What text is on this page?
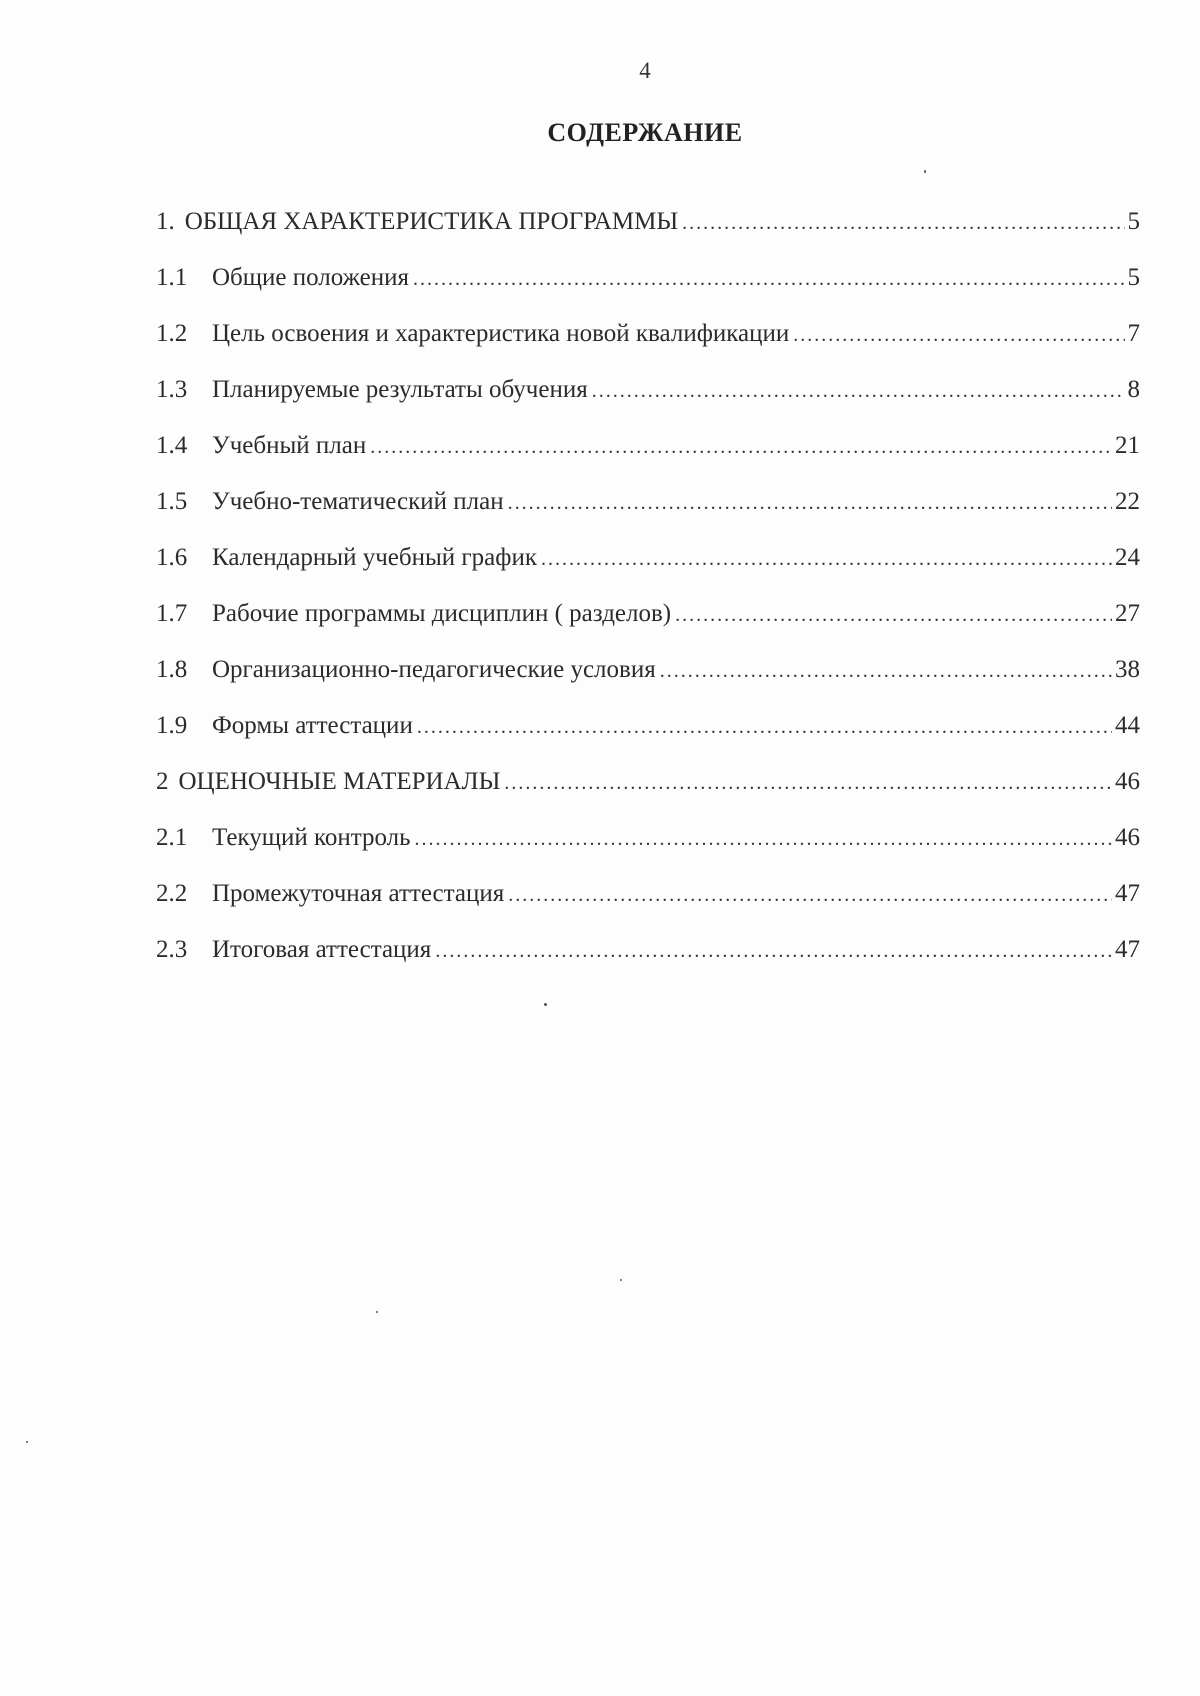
4
СОДЕРЖАНИЕ
1. ОБЩАЯ ХАРАКТЕРИСТИКА ПРОГРАММЫ .....	5
1.1 Общие положения .....	5
1.2 Цель освоения и характеристика новой квалификации .....	7
1.3 Планируемые результаты обучения .....	8
1.4 Учебный план .....	21
1.5 Учебно-тематический план .....	22
1.6 Календарный учебный график .....	24
1.7 Рабочие программы дисциплин ( разделов) .....	27
1.8 Организационно-педагогические условия .....	38
1.9 Формы аттестации .....	44
2 ОЦЕНОЧНЫЕ МАТЕРИАЛЫ .....	46
2.1 Текущий контроль .....	46
2.2 Промежуточная аттестация .....	47
2.3 Итоговая аттестация .....	47
